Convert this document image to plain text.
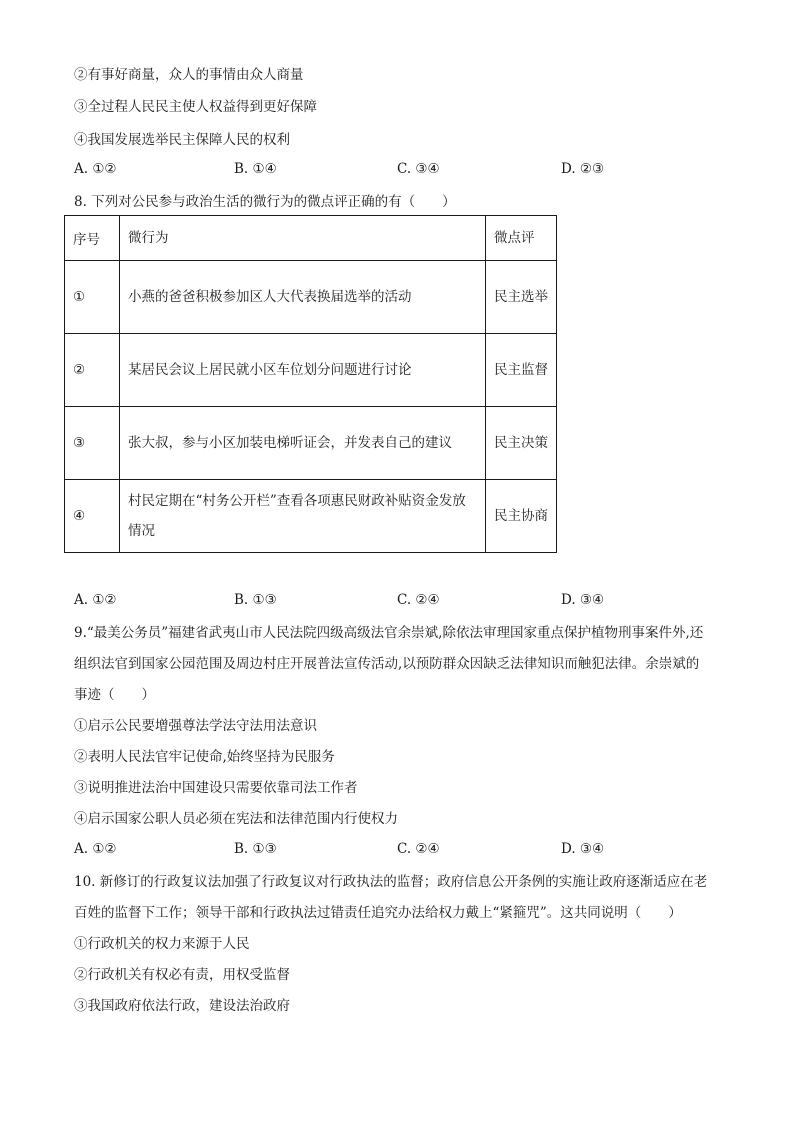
②有事好商量，众人的事情由众人商量
③全过程人民民主使人权益得到更好保障
④我国发展选举民主保障人民的权利
A. ①②	B. ①④	C. ③④	D. ②③
8. 下列对公民参与政治生活的微行为的微点评正确的有（　　）
序号	微行为	微点评
①	小燕的爸爸积极参加区人大代表换届选举的活动	民主选举
②	某居民会议上居民就小区车位划分问题进行讨论	民主监督
③	张大叔，参与小区加装电梯听证会，并发表自己的建议	民主决策
④	村民定期在“村务公开栏”查看各项惠民财政补贴资金发放情况	民主协商
A. ①②	B. ①③	C. ②④	D. ③④
9.“最美公务员”福建省武夷山市人民法院四级高级法官余崇斌,除依法审理国家重点保护植物刑事案件外,还
组织法官到国家公园范围及周边村庄开展普法宣传活动,以预防群众因缺乏法律知识而触犯法律。余崇斌的
事迹（　　）
①启示公民要增强尊法学法守法用法意识
②表明人民法官牢记使命,始终坚持为民服务
③说明推进法治中国建设只需要依靠司法工作者
④启示国家公职人员必须在宪法和法律范围内行使权力
A. ①②	B. ①③	C. ②④	D. ③④
10. 新修订的行政复议法加强了行政复议对行政执法的监督；政府信息公开条例的实施让政府逐渐适应在老
百姓的监督下工作；领导干部和行政执法过错责任追究办法给权力戴上“紧箍咒”。这共同说明（　　）
①行政机关的权力来源于人民
②行政机关有权必有责，用权受监督
③我国政府依法行政，建设法治政府
